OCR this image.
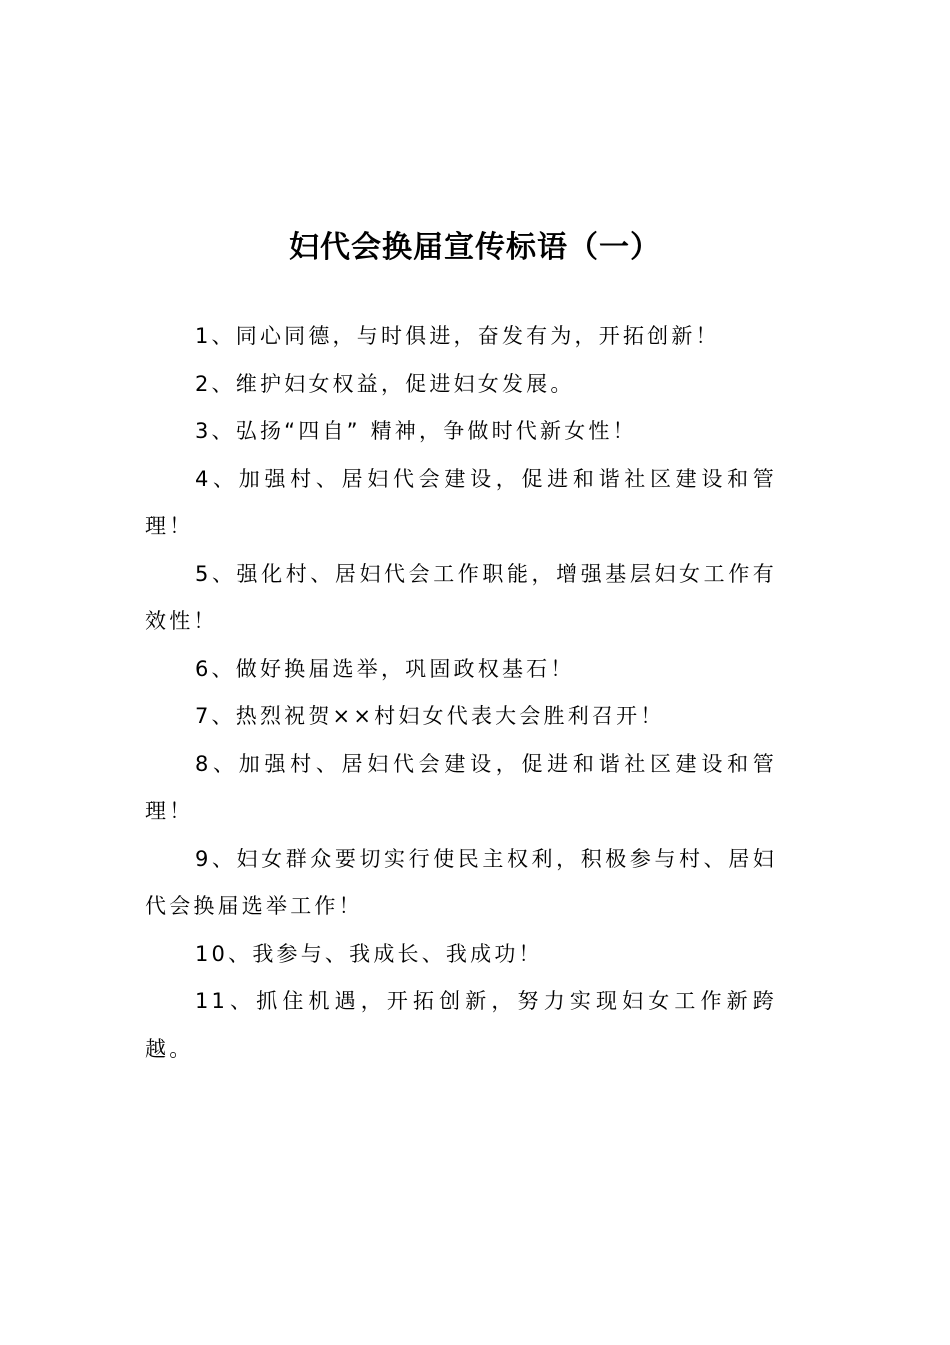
妇代会换届宣传标语（一）

1、同心同德，与时俱进，奋发有为，开拓创新！

2、维护妇女权益，促进妇女发展。

3、弘扬“四自” 精神，争做时代新女性！

4、加强村、居妇代会建设，促进和谐社区建设和管理！

5、强化村、居妇代会工作职能，增强基层妇女工作有效性！

6、做好换届选举，巩固政权基石！

7、热烈祝贺××村妇女代表大会胜利召开！

8、加强村、居妇代会建设，促进和谐社区建设和管理！

9、妇女群众要切实行使民主权利，积极参与村、居妇代会换届选举工作！

10、我参与、我成长、我成功！

11、抓住机遇，开拓创新，努力实现妇女工作新跨越。
